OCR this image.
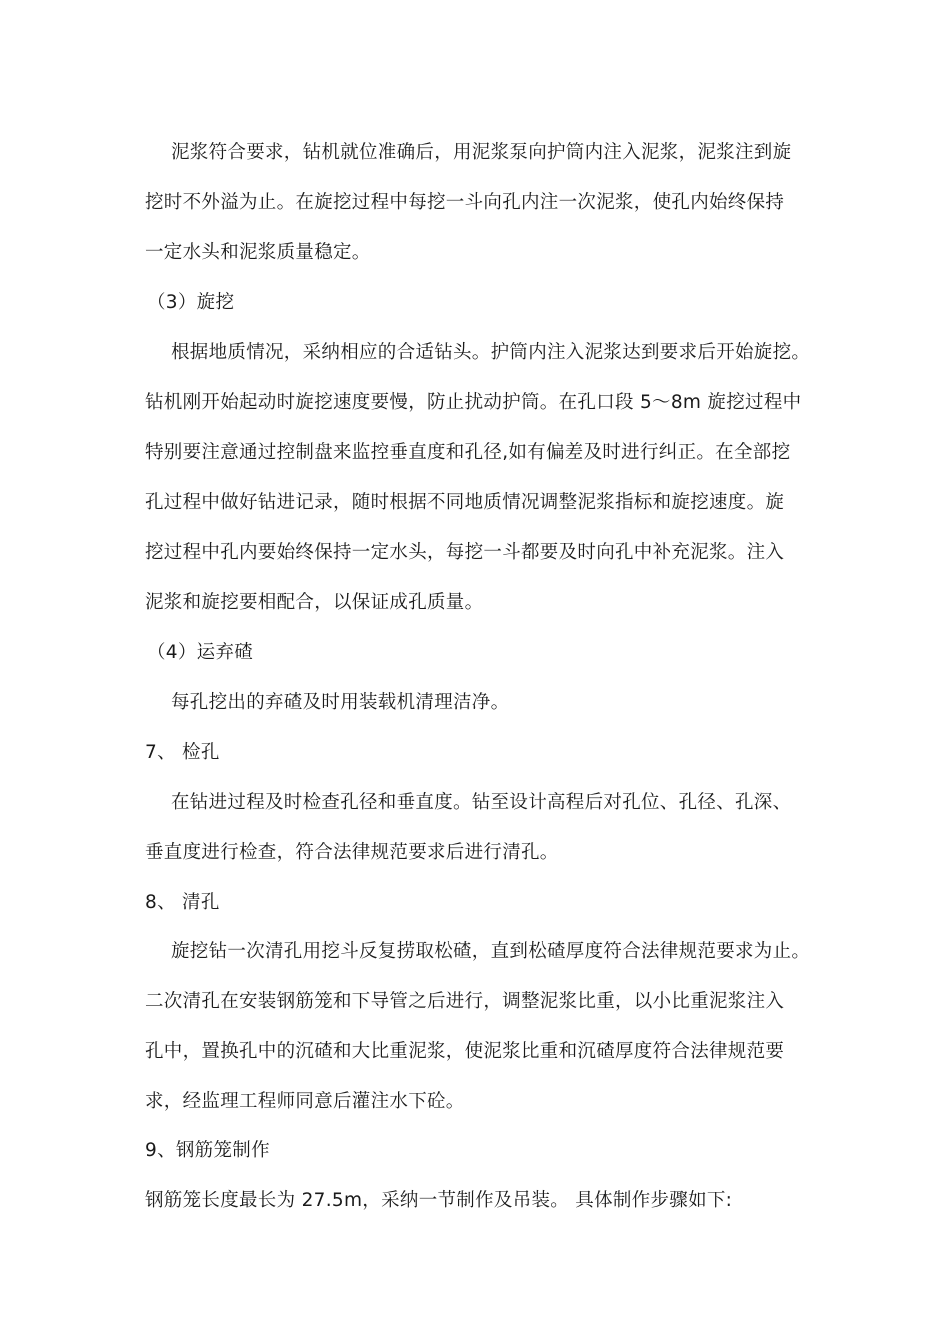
泥浆符合要求，钻机就位准确后，用泥浆泵向护筒内注入泥浆，泥浆注到旋
挖时不外溢为止。在旋挖过程中每挖一斗向孔内注一次泥浆，使孔内始终保持
一定水头和泥浆质量稳定。
（3）旋挖
根据地质情况，采纳相应的合适钻头。护筒内注入泥浆达到要求后开始旋挖。
钻机刚开始起动时旋挖速度要慢，防止扰动护筒。在孔口段 5～8m 旋挖过程中
特别要注意通过控制盘来监控垂直度和孔径,如有偏差及时进行纠正。在全部挖
孔过程中做好钻进记录，随时根据不同地质情况调整泥浆指标和旋挖速度。旋
挖过程中孔内要始终保持一定水头，每挖一斗都要及时向孔中补充泥浆。注入
泥浆和旋挖要相配合，以保证成孔质量。
（4）运弃碴
每孔挖出的弃碴及时用装载机清理洁净。
7、 检孔
在钻进过程及时检查孔径和垂直度。钻至设计高程后对孔位、孔径、孔深、
垂直度进行检查，符合法律规范要求后进行清孔。
8、 清孔
旋挖钻一次清孔用挖斗反复捞取松碴，直到松碴厚度符合法律规范要求为止。
二次清孔在安装钢筋笼和下导管之后进行，调整泥浆比重，以小比重泥浆注入
孔中，置换孔中的沉碴和大比重泥浆，使泥浆比重和沉碴厚度符合法律规范要
求，经监理工程师同意后灌注水下砼。
9、钢筋笼制作
钢筋笼长度最长为 27.5m，采纳一节制作及吊装。 具体制作步骤如下:
